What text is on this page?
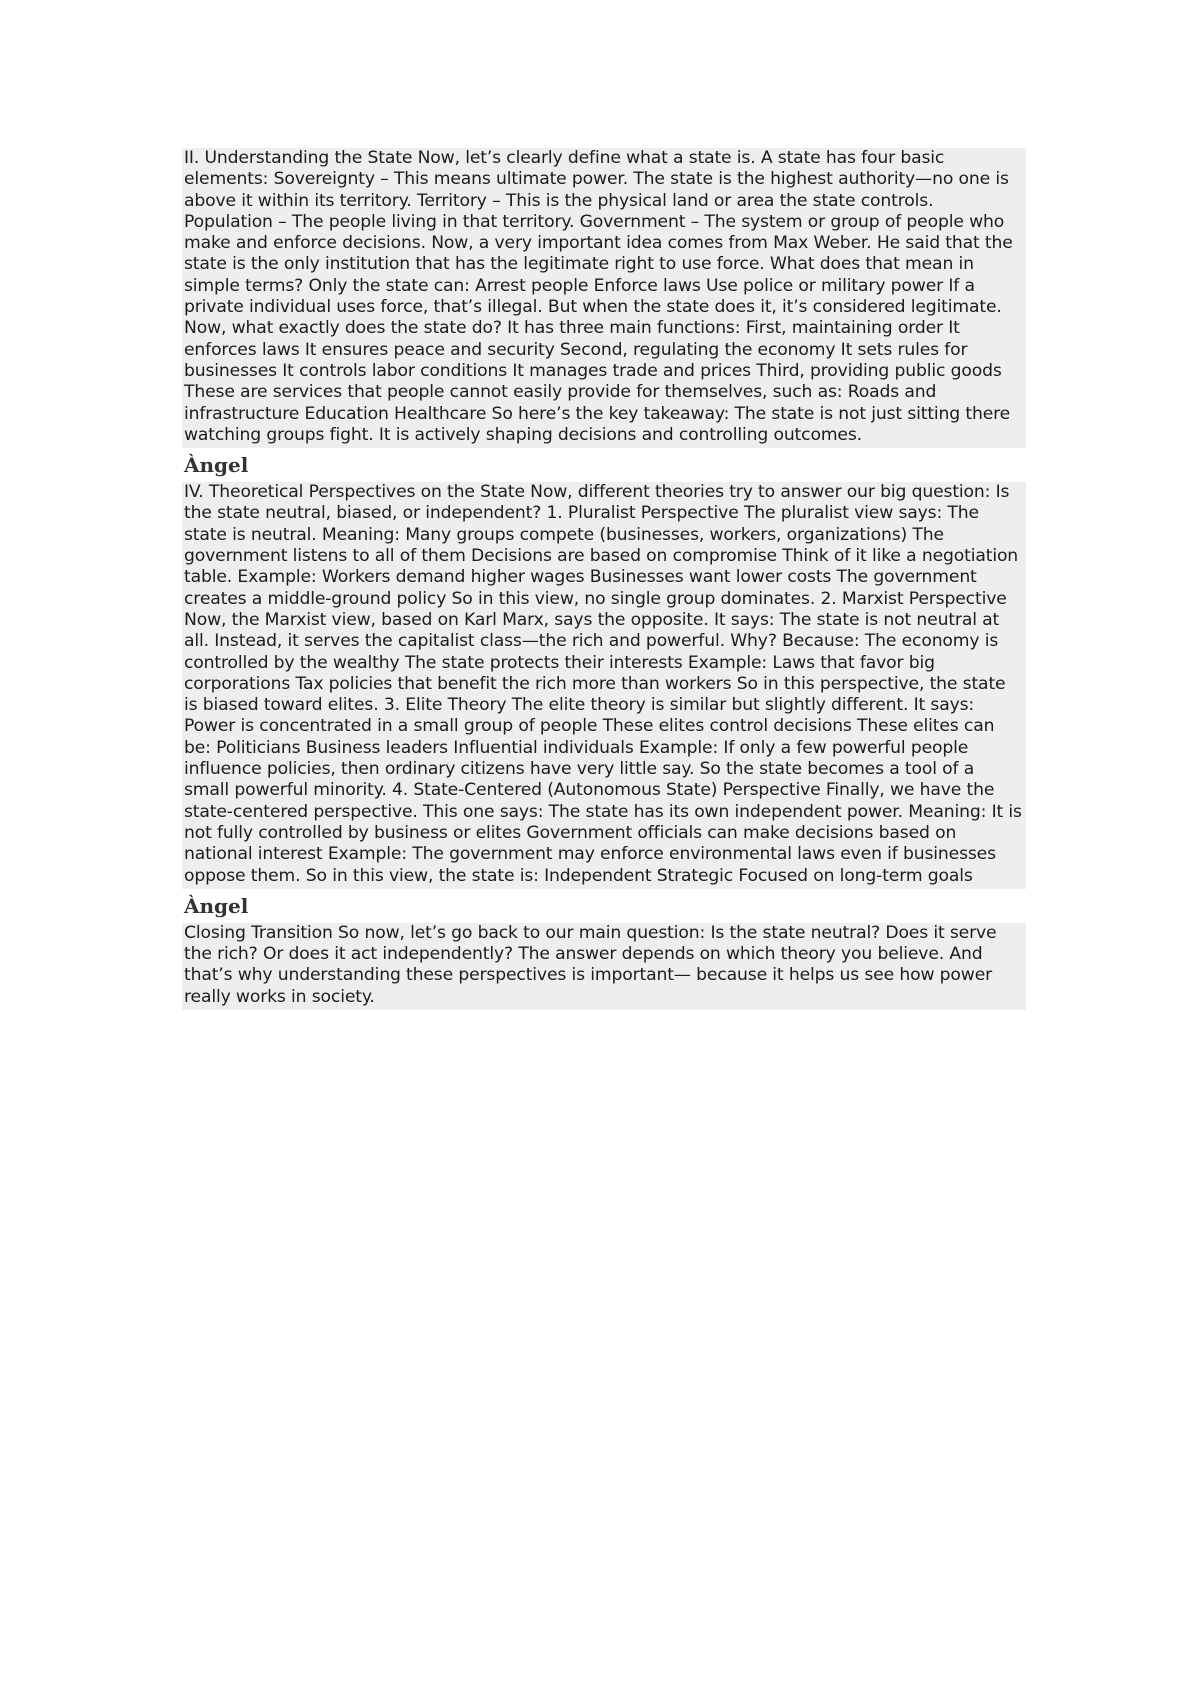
II. Understanding the State Now, let’s clearly define what a state is. A state has four basic elements: Sovereignty – This means ultimate power. The state is the highest authority—no one is above it within its territory. Territory – This is the physical land or area the state controls. Population – The people living in that territory. Government – The system or group of people who make and enforce decisions. Now, a very important idea comes from Max Weber. He said that the state is the only institution that has the legitimate right to use force. What does that mean in simple terms? Only the state can: Arrest people Enforce laws Use police or military power If a private individual uses force, that’s illegal. But when the state does it, it’s considered legitimate. Now, what exactly does the state do? It has three main functions: First, maintaining order It enforces laws It ensures peace and security Second, regulating the economy It sets rules for businesses It controls labor conditions It manages trade and prices Third, providing public goods These are services that people cannot easily provide for themselves, such as: Roads and infrastructure Education Healthcare So here’s the key takeaway: The state is not just sitting there watching groups fight. It is actively shaping decisions and controlling outcomes.

Àngel

IV. Theoretical Perspectives on the State Now, different theories try to answer our big question: Is the state neutral, biased, or independent? 1. Pluralist Perspective The pluralist view says: The state is neutral. Meaning: Many groups compete (businesses, workers, organizations) The government listens to all of them Decisions are based on compromise Think of it like a negotiation table. Example: Workers demand higher wages Businesses want lower costs The government creates a middle-ground policy So in this view, no single group dominates. 2. Marxist Perspective Now, the Marxist view, based on Karl Marx, says the opposite. It says: The state is not neutral at all. Instead, it serves the capitalist class—the rich and powerful. Why? Because: The economy is controlled by the wealthy The state protects their interests Example: Laws that favor big corporations Tax policies that benefit the rich more than workers So in this perspective, the state is biased toward elites. 3. Elite Theory The elite theory is similar but slightly different. It says: Power is concentrated in a small group of people These elites control decisions These elites can be: Politicians Business leaders Influential individuals Example: If only a few powerful people influence policies, then ordinary citizens have very little say. So the state becomes a tool of a small powerful minority. 4. State-Centered (Autonomous State) Perspective Finally, we have the state-centered perspective. This one says: The state has its own independent power. Meaning: It is not fully controlled by business or elites Government officials can make decisions based on national interest Example: The government may enforce environmental laws even if businesses oppose them. So in this view, the state is: Independent Strategic Focused on long-term goals

Àngel

Closing Transition So now, let’s go back to our main question: Is the state neutral? Does it serve the rich? Or does it act independently? The answer depends on which theory you believe. And that’s why understanding these perspectives is important— because it helps us see how power really works in society.
